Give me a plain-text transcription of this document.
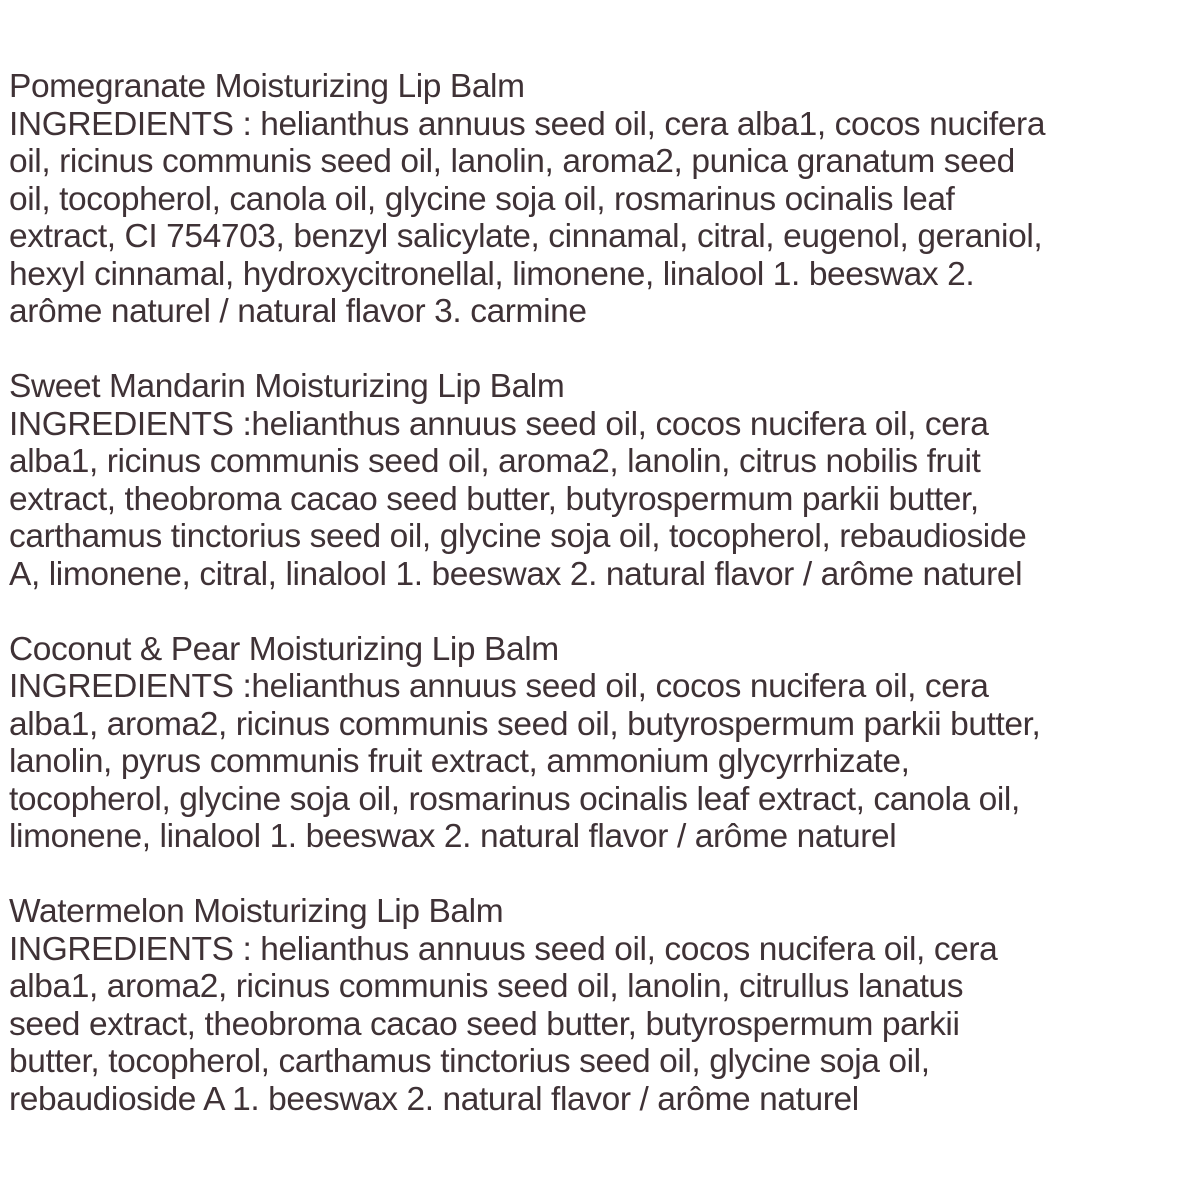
Pomegranate Moisturizing Lip Balm
INGREDIENTS : helianthus annuus seed oil, cera alba1, cocos nucifera
oil, ricinus communis seed oil, lanolin, aroma2, punica granatum seed
oil, tocopherol, canola oil, glycine soja oil, rosmarinus ocinalis leaf
extract, CI 754703, benzyl salicylate, cinnamal, citral, eugenol, geraniol,
hexyl cinnamal, hydroxycitronellal, limonene, linalool 1. beeswax 2.
arôme naturel / natural flavor 3. carmine
Sweet Mandarin Moisturizing Lip Balm
INGREDIENTS :helianthus annuus seed oil, cocos nucifera oil, cera
alba1, ricinus communis seed oil, aroma2, lanolin, citrus nobilis fruit
extract, theobroma cacao seed butter, butyrospermum parkii butter,
carthamus tinctorius seed oil, glycine soja oil, tocopherol, rebaudioside
A, limonene, citral, linalool 1. beeswax 2. natural flavor / arôme naturel
Coconut & Pear Moisturizing Lip Balm
INGREDIENTS :helianthus annuus seed oil, cocos nucifera oil, cera
alba1, aroma2, ricinus communis seed oil, butyrospermum parkii butter,
lanolin, pyrus communis fruit extract, ammonium glycyrrhizate,
tocopherol, glycine soja oil, rosmarinus ocinalis leaf extract, canola oil,
limonene, linalool 1. beeswax 2. natural flavor / arôme naturel
Watermelon Moisturizing Lip Balm
INGREDIENTS : helianthus annuus seed oil, cocos nucifera oil, cera
alba1, aroma2, ricinus communis seed oil, lanolin, citrullus lanatus
seed extract, theobroma cacao seed butter, butyrospermum parkii
butter, tocopherol, carthamus tinctorius seed oil, glycine soja oil,
rebaudioside A 1. beeswax 2. natural flavor / arôme naturel
